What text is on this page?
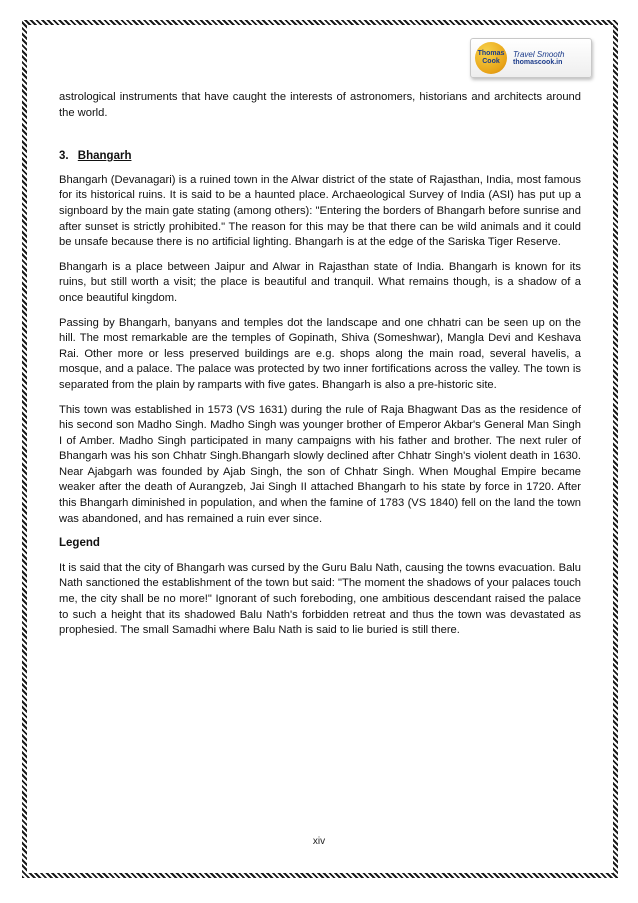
Thomas
Cook
Travel Smooth
thomascook.in

astrological instruments that have caught the interests of astronomers, historians and architects around the world.

3. Bhangarh

Bhangarh (Devanagari) is a ruined town in the Alwar district of the state of Rajasthan, India, most famous for its historical ruins. It is said to be a haunted place. Archaeological Survey of India (ASI) has put up a signboard by the main gate stating (among others): "Entering the borders of Bhangarh before sunrise and after sunset is strictly prohibited." The reason for this may be that there can be wild animals and it could be unsafe because there is no artificial lighting. Bhangarh is at the edge of the Sariska Tiger Reserve.

Bhangarh is a place between Jaipur and Alwar in Rajasthan state of India. Bhangarh is known for its ruins, but still worth a visit; the place is beautiful and tranquil. What remains though, is a shadow of a once beautiful kingdom.

Passing by Bhangarh, banyans and temples dot the landscape and one chhatri can be seen up on the hill. The most remarkable are the temples of Gopinath, Shiva (Someshwar), Mangla Devi and Keshava Rai. Other more or less preserved buildings are e.g. shops along the main road, several havelis, a mosque, and a palace. The palace was protected by two inner fortifications across the valley. The town is separated from the plain by ramparts with five gates. Bhangarh is also a pre-historic site.

This town was established in 1573 (VS 1631) during the rule of Raja Bhagwant Das as the residence of his second son Madho Singh. Madho Singh was younger brother of Emperor Akbar's General Man Singh I of Amber. Madho Singh participated in many campaigns with his father and brother. The next ruler of Bhangarh was his son Chhatr Singh.Bhangarh slowly declined after Chhatr Singh's violent death in 1630. Near Ajabgarh was founded by Ajab Singh, the son of Chhatr Singh. When Moughal Empire became weaker after the death of Aurangzeb, Jai Singh II attached Bhangarh to his state by force in 1720. After this Bhangarh diminished in population, and when the famine of 1783 (VS 1840) fell on the land the town was abandoned, and has remained a ruin ever since.

Legend

It is said that the city of Bhangarh was cursed by the Guru Balu Nath, causing the towns evacuation. Balu Nath sanctioned the establishment of the town but said: "The moment the shadows of your palaces touch me, the city shall be no more!" Ignorant of such foreboding, one ambitious descendant raised the palace to such a height that its shadowed Balu Nath's forbidden retreat and thus the town was devastated as prophesied. The small Samadhi where Balu Nath is said to lie buried is still there.

xiv
